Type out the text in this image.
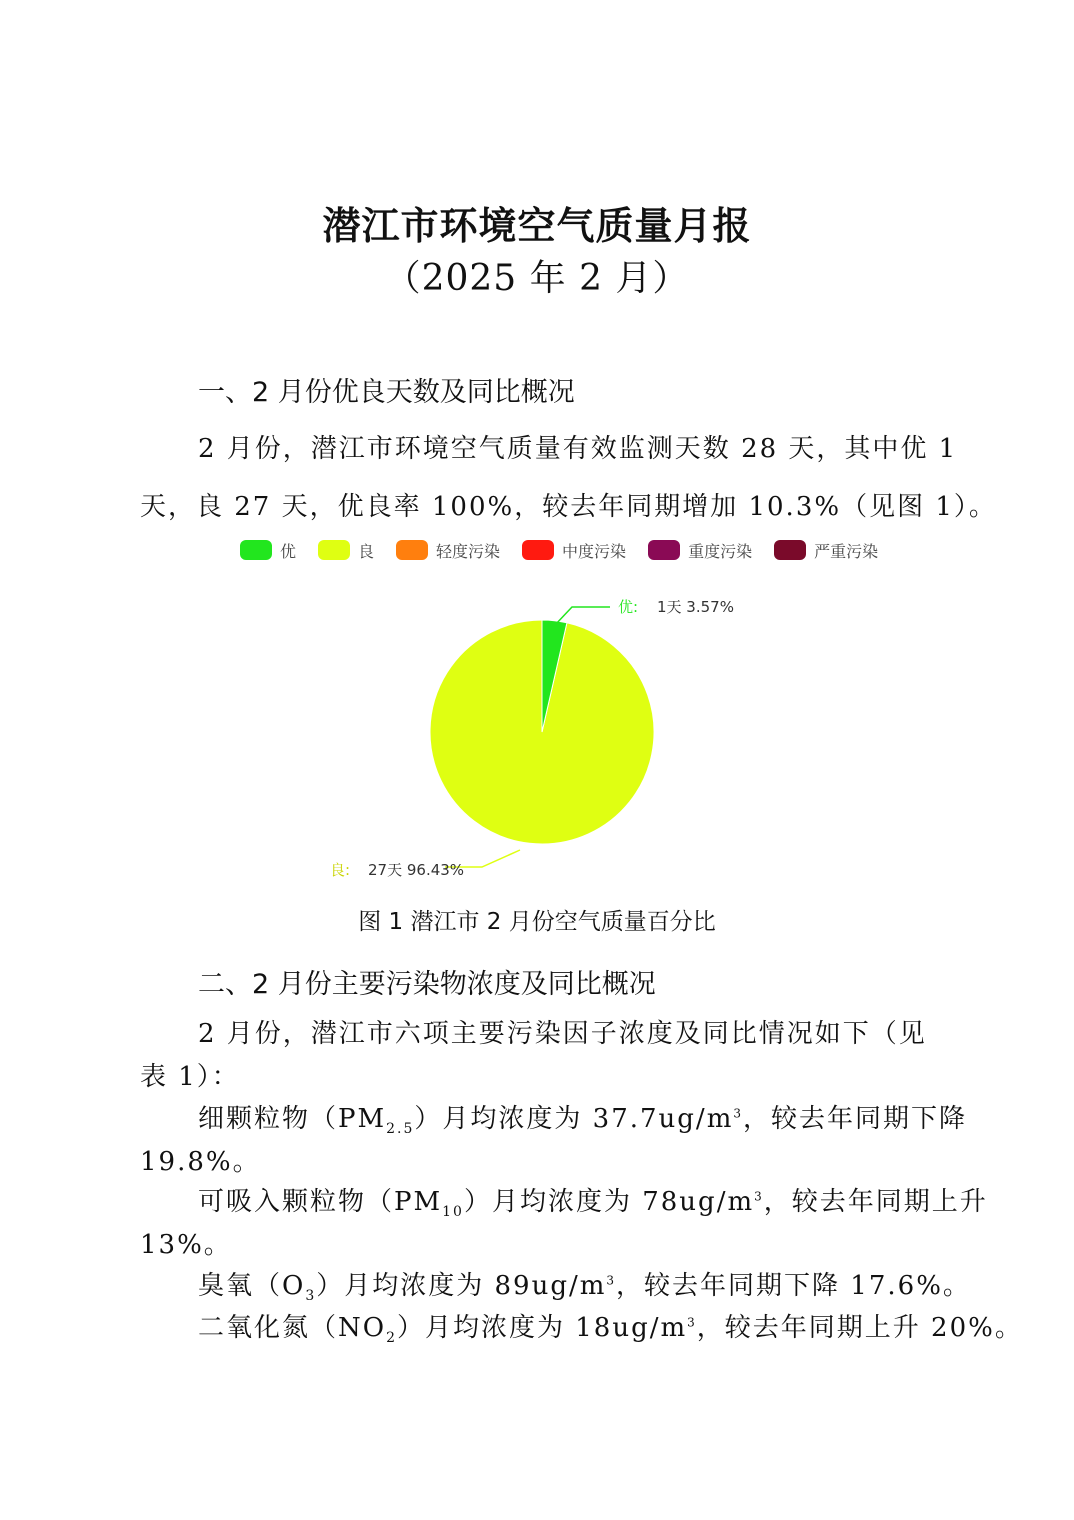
潜江市环境空气质量月报
（2025 年 2 月）
一、2 月份优良天数及同比概况
2 月份，潜江市环境空气质量有效监测天数 28 天，其中优 1
天，良 27 天，优良率 100%，较去年同期增加 10.3%（见图 1）。
优	良	轻度污染	中度污染	重度污染	严重污染
优: 1天 3.57%
良: 27天 96.43%
图 1 潜江市 2 月份空气质量百分比
二、2 月份主要污染物浓度及同比概况
2 月份，潜江市六项主要污染因子浓度及同比情况如下（见
表 1）：
细颗粒物$(PM_{2.5})$月均浓度为 $37.7ug/m^3$，较去年同期下降
19.8%。
可吸入颗粒物$(PM_{10})$月均浓度为 $78ug/m^3$，较去年同期上升
13%。
臭氧$(O_3)$月均浓度为 $89ug/m^3$，较去年同期下降 17.6%。
二氧化氮$(NO_2)$月均浓度为 $18ug/m^3$，较去年同期上升 20%。
